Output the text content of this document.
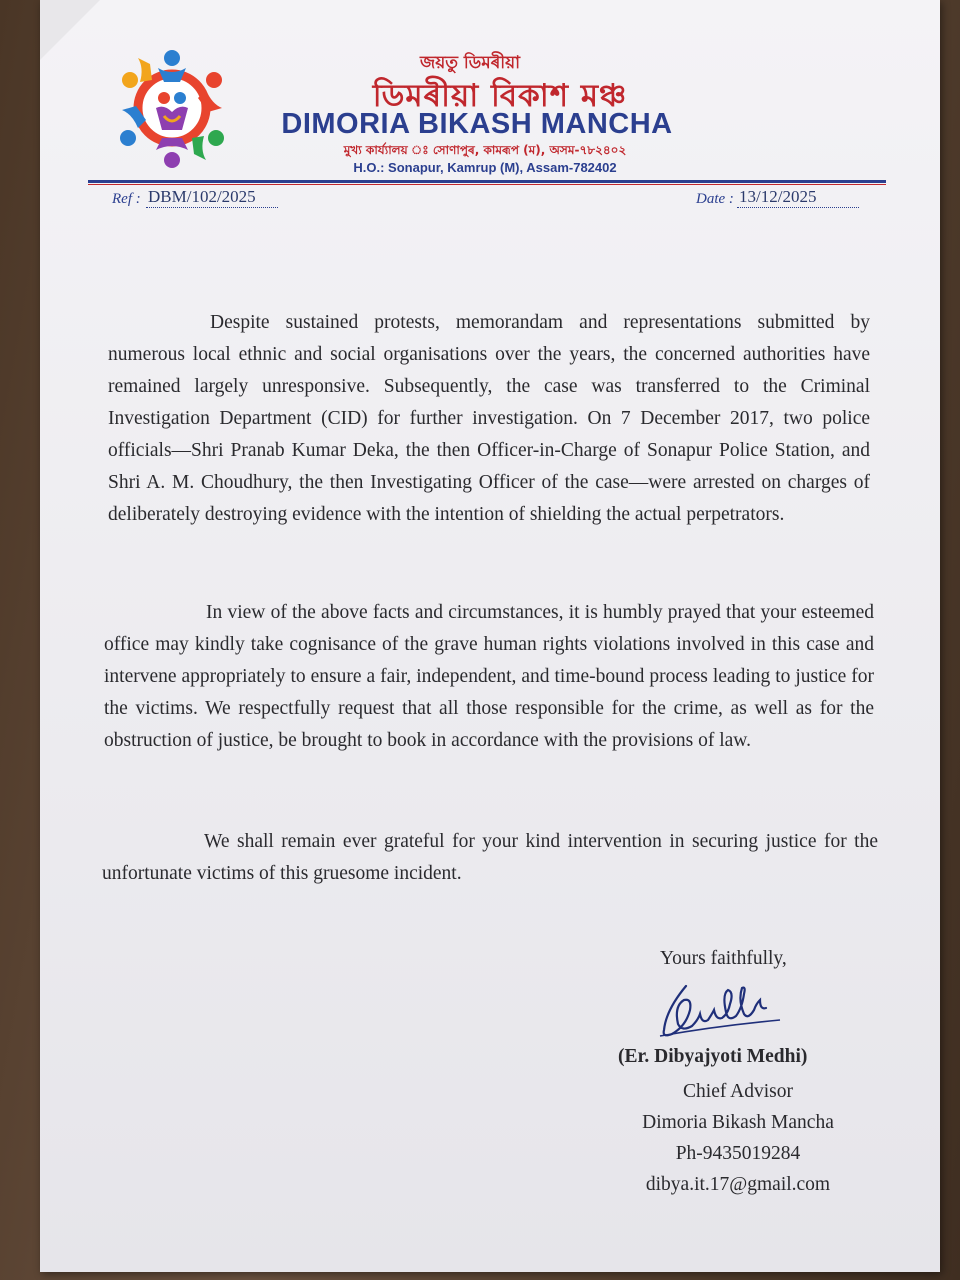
জয়তু ডিমৰীয়া
ডিমৰীয়া বিকাশ মঞ্চ
DIMORIA BIKASH MANCHA
মুখ্য কাৰ্য্যালয় ঃ সোণাপুৰ, কামৰূপ (ম), অসম-৭৮২৪০২
H.O.: Sonapur, Kamrup (M), Assam-782402
Ref : DBM/102/2025	Date : 13/12/2025

Despite sustained protests, memorandam and representations submitted by numerous local ethnic and social organisations over the years, the concerned authorities have remained largely unresponsive. Subsequently, the case was transferred to the Criminal Investigation Department (CID) for further investigation. On 7 December 2017, two police officials—Shri Pranab Kumar Deka, the then Officer-in-Charge of Sonapur Police Station, and Shri A. M. Choudhury, the then Investigating Officer of the case—were arrested on charges of deliberately destroying evidence with the intention of shielding the actual perpetrators.

In view of the above facts and circumstances, it is humbly prayed that your esteemed office may kindly take cognisance of the grave human rights violations involved in this case and intervene appropriately to ensure a fair, independent, and time-bound process leading to justice for the victims. We respectfully request that all those responsible for the crime, as well as for the obstruction of justice, be brought to book in accordance with the provisions of law.

We shall remain ever grateful for your kind intervention in securing justice for the unfortunate victims of this gruesome incident.

Yours faithfully,

(Er. Dibyajyoti Medhi)

Chief Advisor
Dimoria Bikash Mancha
Ph-9435019284
dibya.it.17@gmail.com
